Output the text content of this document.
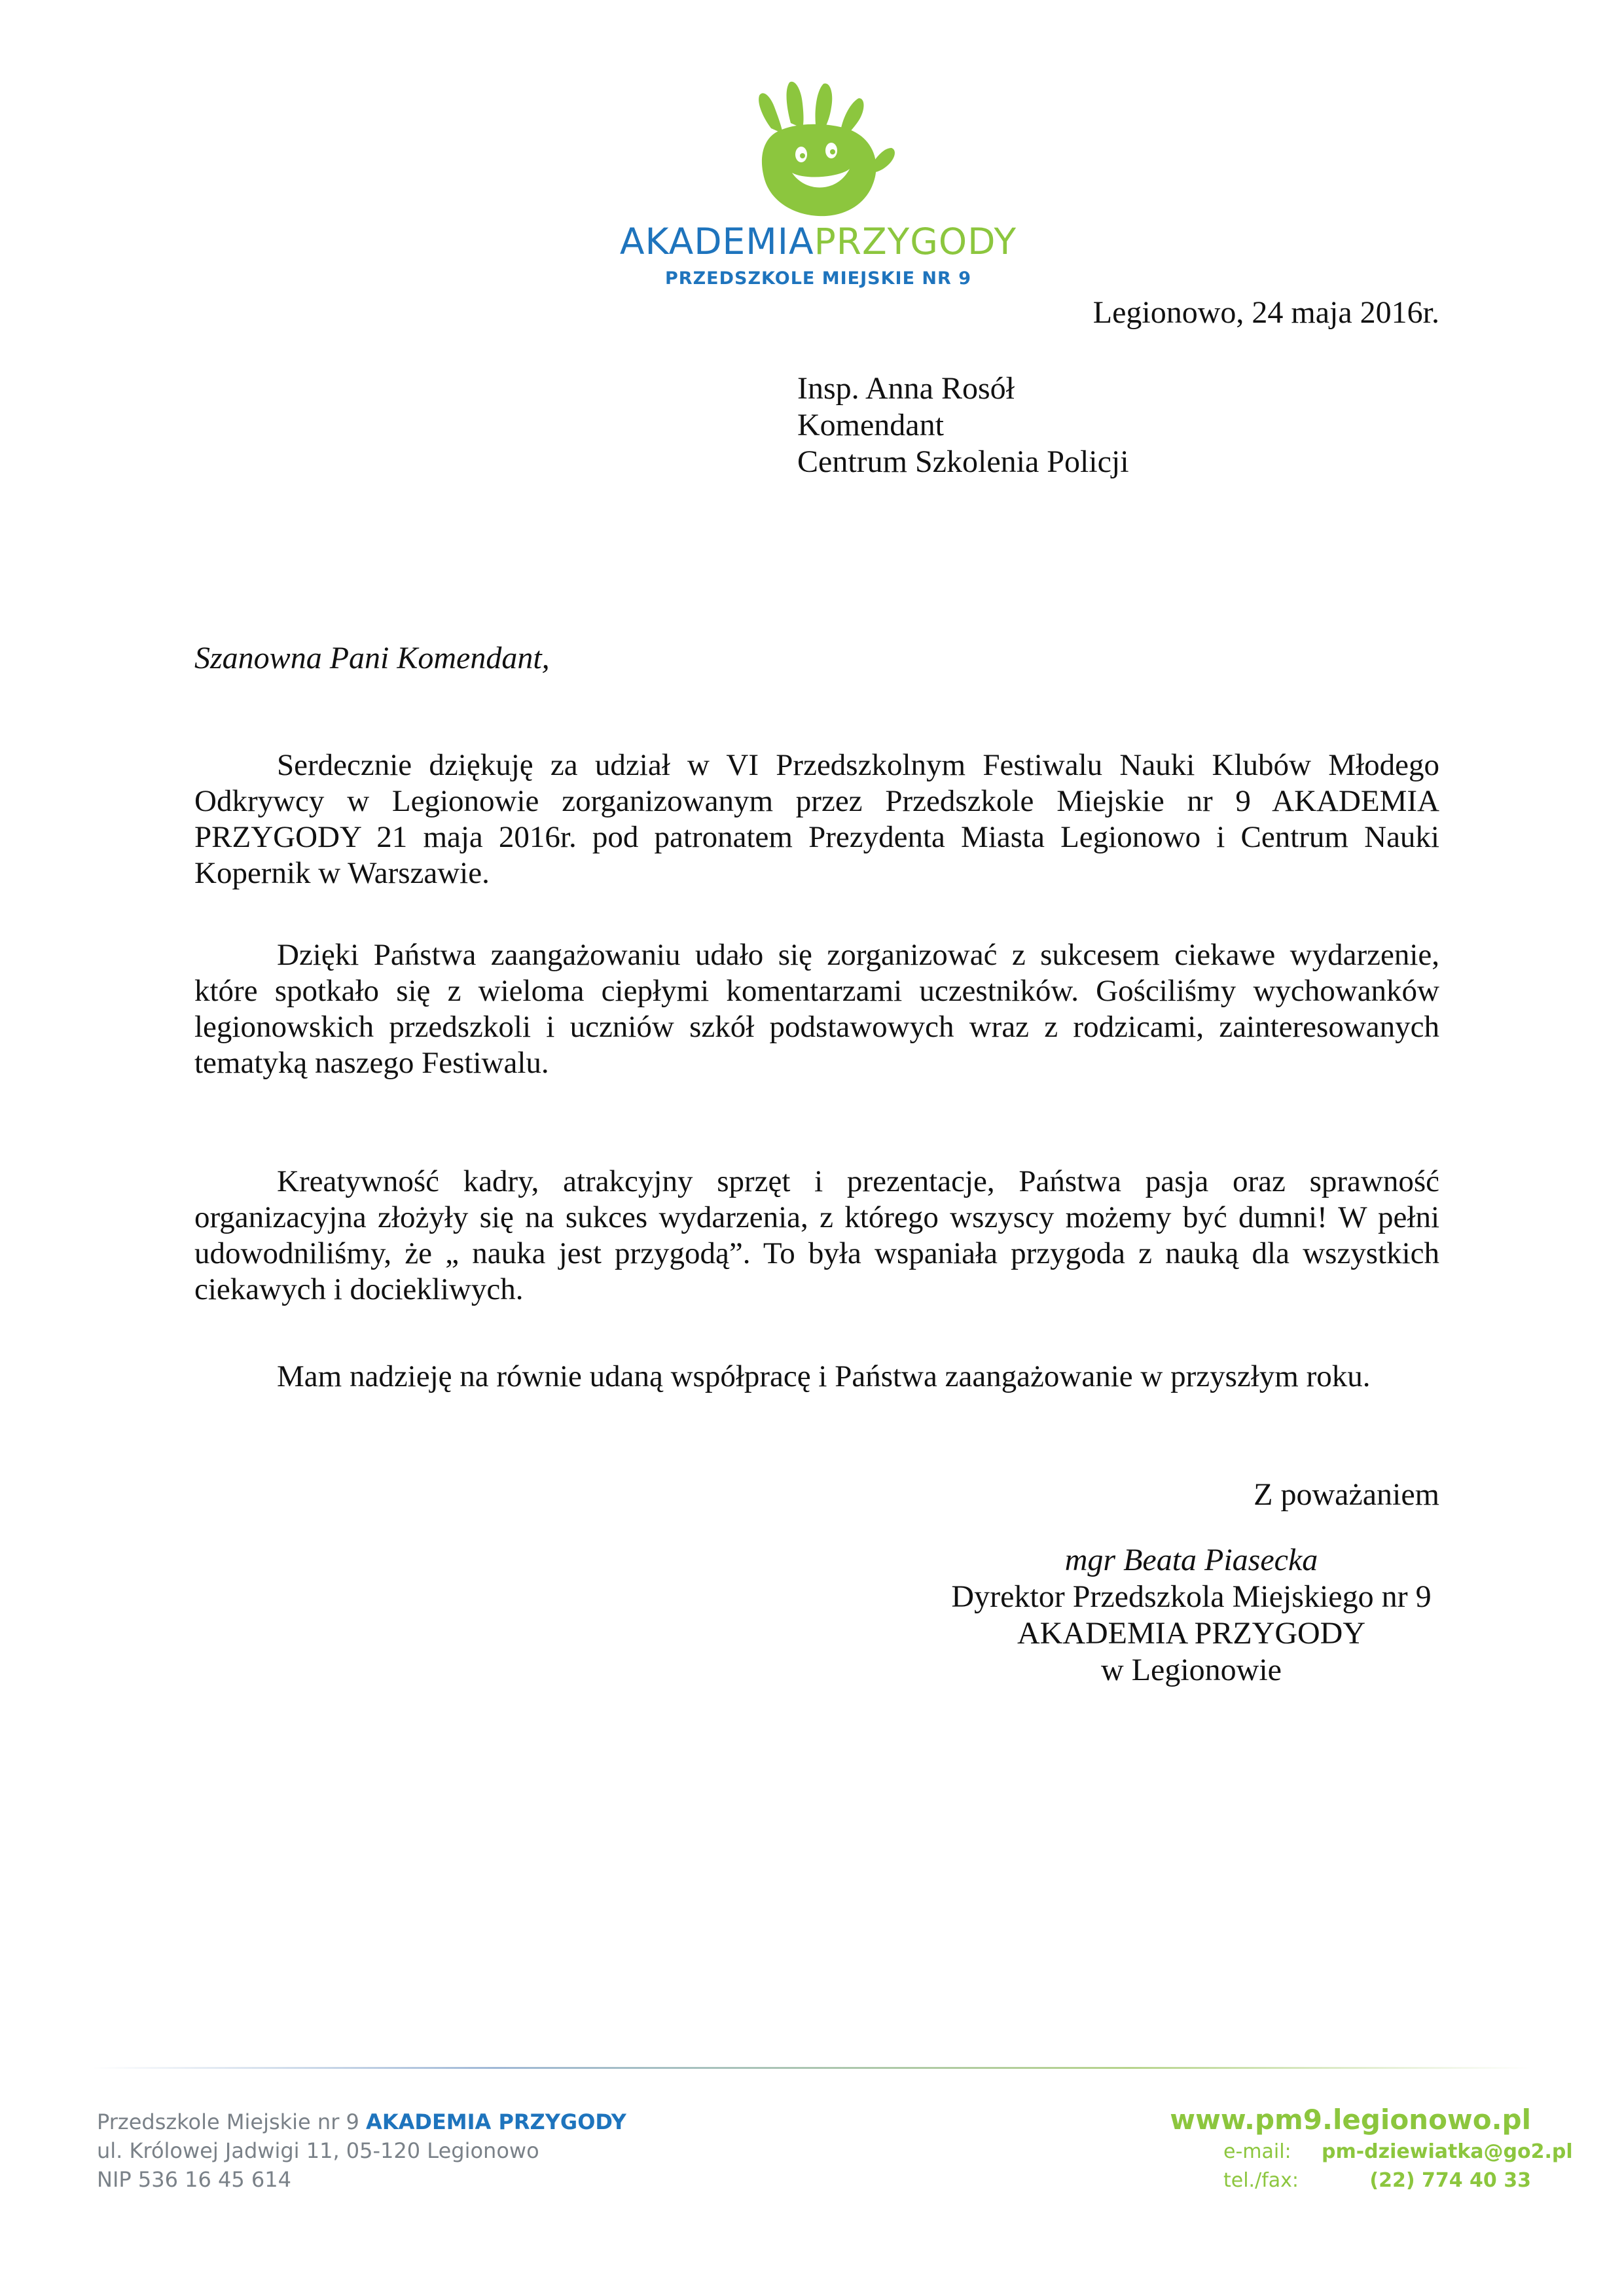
AKADEMIAPRZYGODY
PRZEDSZKOLE MIEJSKIE NR 9
Legionowo, 24 maja 2016r.
Insp. Anna Rosół
Komendant
Centrum Szkolenia Policji
Szanowna Pani Komendant,

Serdecznie dziękuję za udział w VI Przedszkolnym Festiwalu Nauki Klubów Młodego Odkrywcy w Legionowie zorganizowanym przez Przedszkole Miejskie nr 9 AKADEMIA PRZYGODY 21 maja 2016r. pod patronatem Prezydenta Miasta Legionowo i Centrum Nauki Kopernik w Warszawie.

Dzięki Państwa zaangażowaniu udało się zorganizować z sukcesem ciekawe wydarzenie, które spotkało się z wieloma ciepłymi komentarzami uczestników. Gościliśmy wychowanków legionowskich przedszkoli i uczniów szkół podstawowych wraz z rodzicami, zainteresowanych tematyką naszego Festiwalu.

Kreatywność kadry, atrakcyjny sprzęt i prezentacje, Państwa pasja oraz sprawność organizacyjna złożyły się na sukces wydarzenia, z którego wszyscy możemy być dumni! W pełni udowodniliśmy, że „ nauka jest przygodą”. To była wspaniała przygoda z nauką dla wszystkich ciekawych i dociekliwych.

Mam nadzieję na równie udaną współpracę i Państwa zaangażowanie w przyszłym roku.

Z poważaniem
mgr Beata Piasecka
Dyrektor Przedszkola Miejskiego nr 9
AKADEMIA PRZYGODY
w Legionowie
Przedszkole Miejskie nr 9 AKADEMIA PRZYGODY
ul. Królowej Jadwigi 11, 05-120 Legionowo
NIP 536 16 45 614
www.pm9.legionowo.pl
e-mail: pm-dziewiatka@go2.pl
tel./fax:	(22) 774 40 33
